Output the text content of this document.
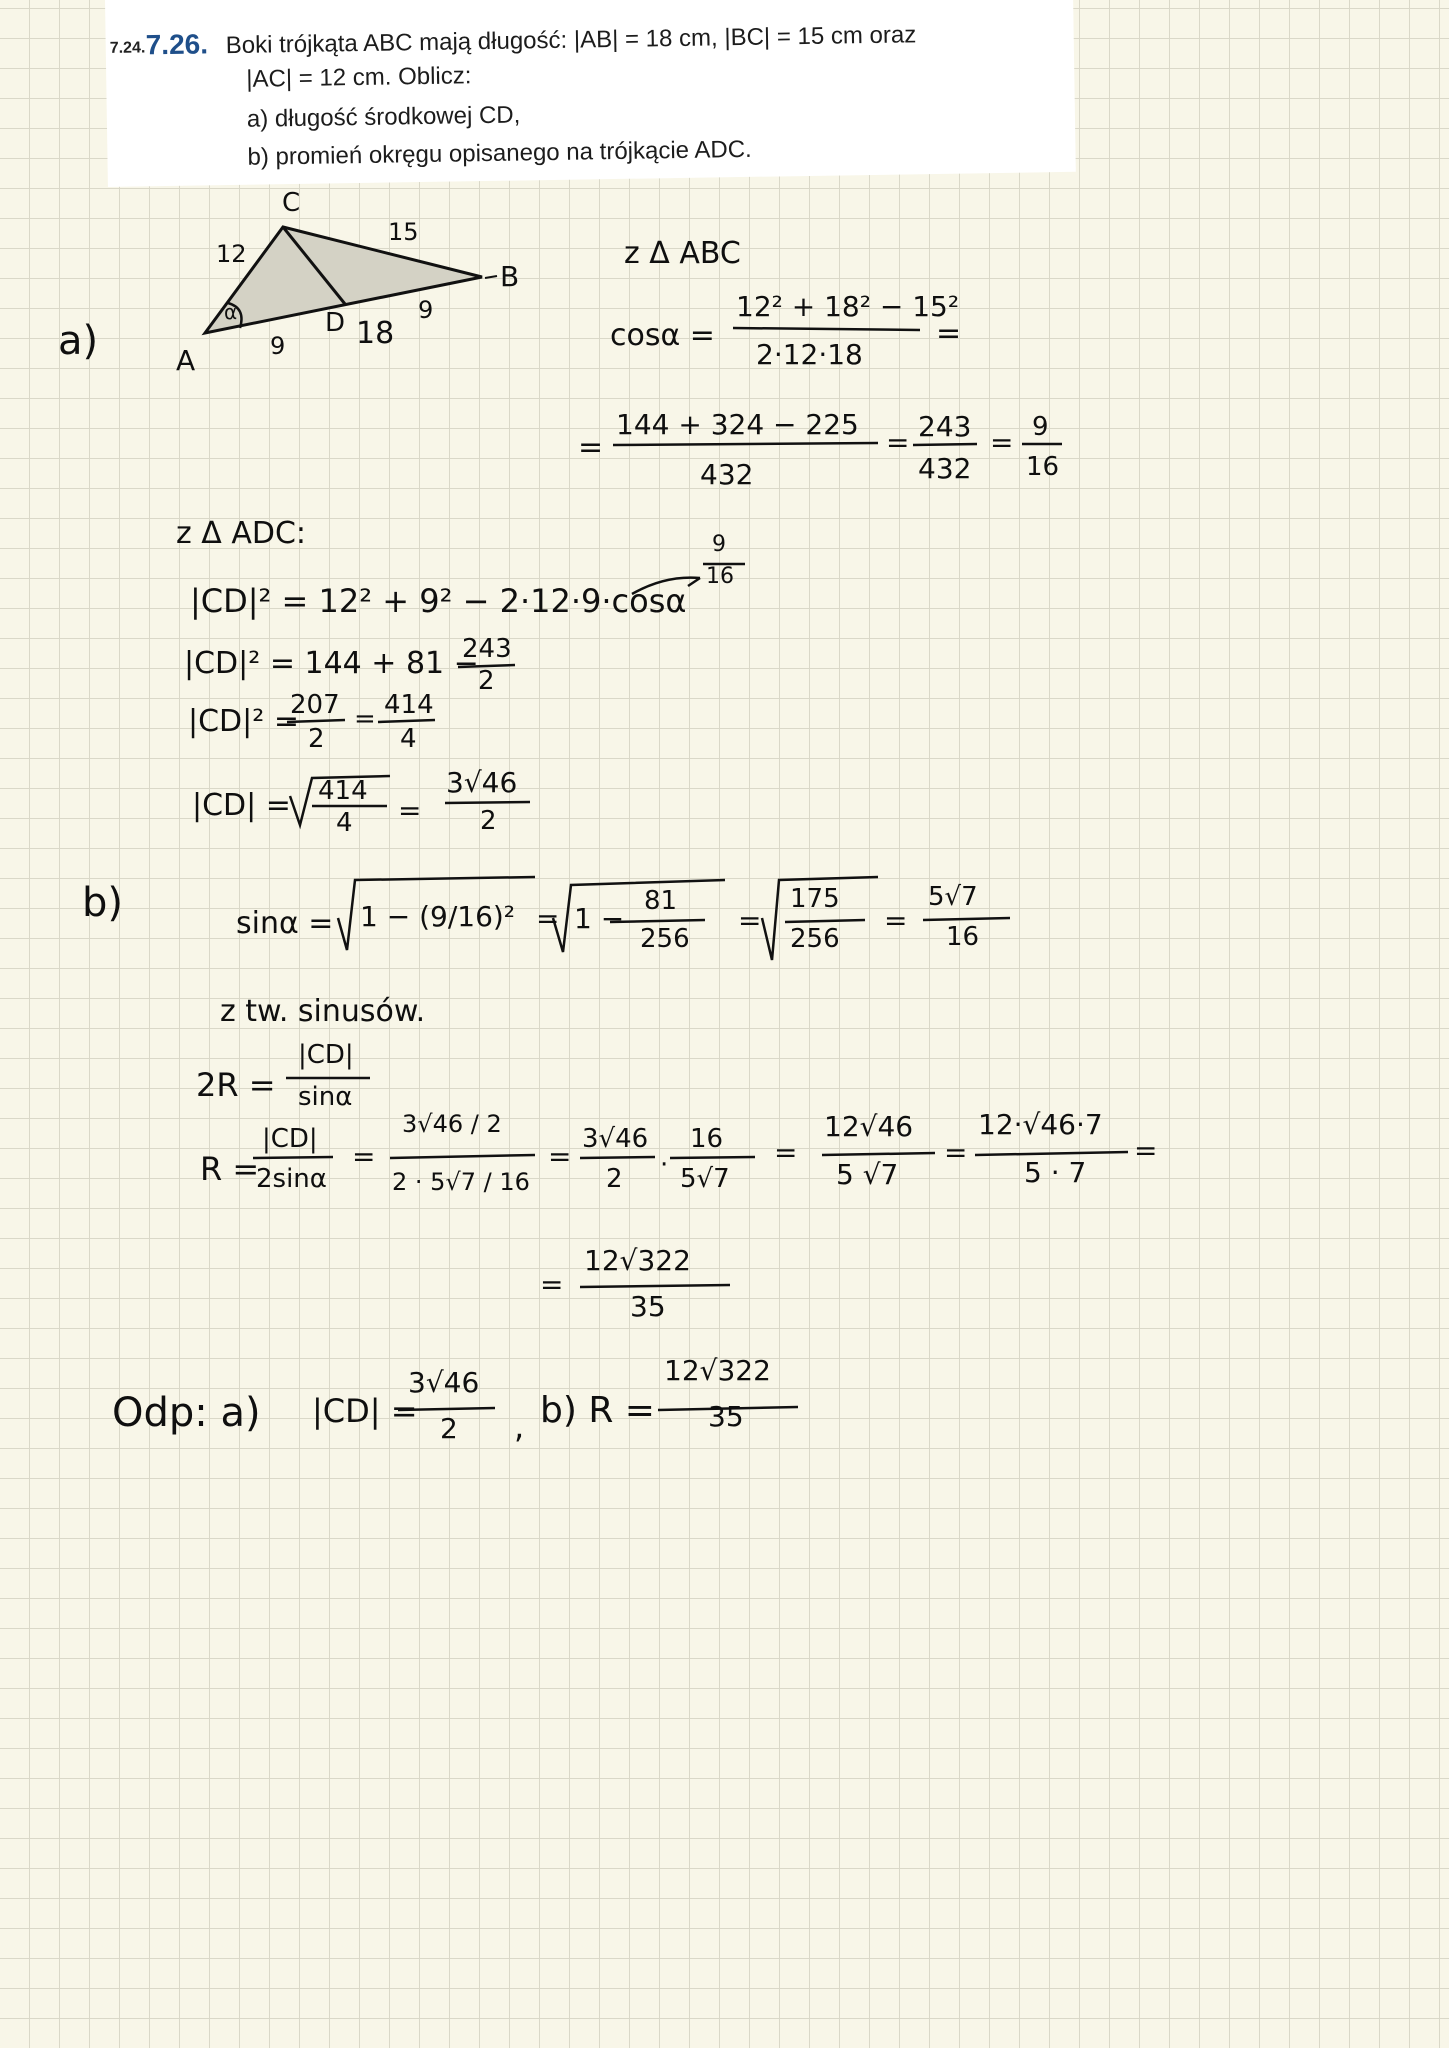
7.24. 7.26. Boki trójkąta ABC mają długość: |AB| = 18 cm, |BC| = 15 cm oraz
|AC| = 12 cm. Oblicz:
a) długość środkowej CD,
b) promień okręgu opisanego na trójkącie ADC.
a)	A
B
C
D
12
15
9
9
18
α
z Δ ABC
cosα =
12² + 18² − 15²
2·12·18
=
=
144 + 324 − 225
432
= 243
432
= 9
16
z Δ ADC:	9
16
|CD|² = 12² + 9² − 2·12·9·cosα
|CD|² = 144 + 81 −
243
2
|CD|² =
207
2
= 414
4
|CD| = 414
4 =
3√46
2
b)	sinα = 1 − (9/16)² = 1 −
81
256
=
175
256
=
5√7
16
z tw. sinusów.
2R =
|CD|
sinα
R =
|CD|
2sinα
=
3√46 / 2
2 · 5√7 / 16
=
3√46
2 ·
16
5√7
=
12√46
5 √7
=
12·√46·7
5 · 7
=
=
12√322
35
Odp: a) |CD| =
3√46
2 , b) R =
12√322
35
